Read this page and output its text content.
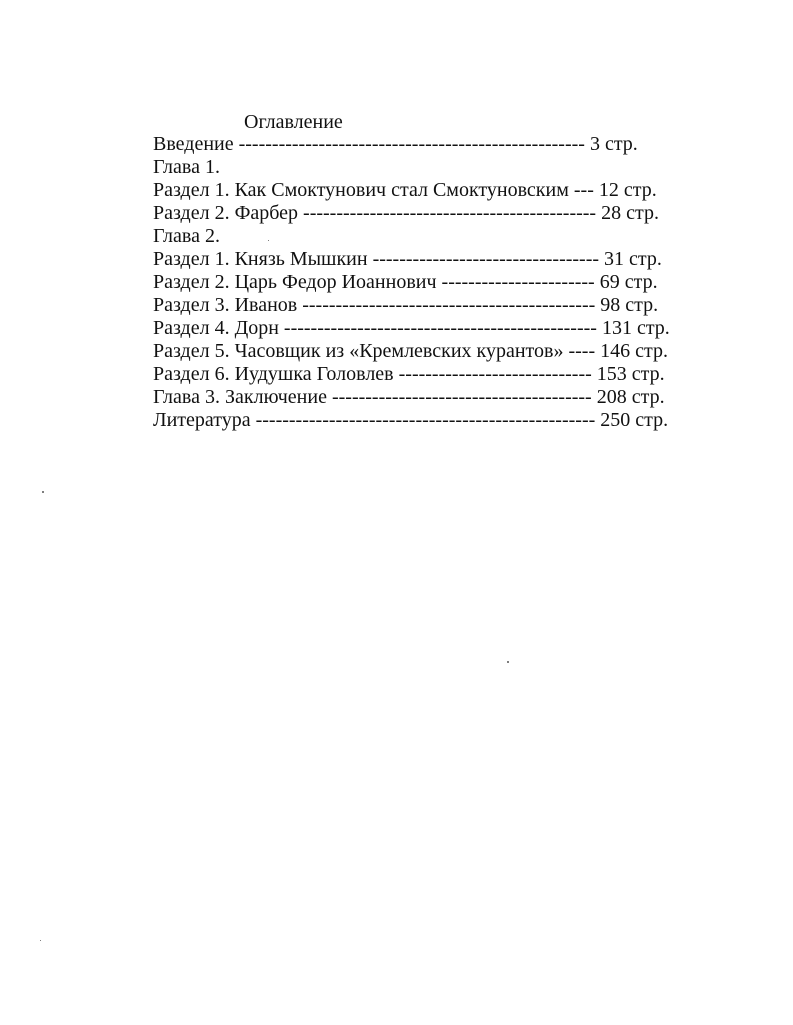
Оглавление
Введение ---------------------------------------------------- 3 стр.
Глава 1.
Раздел 1. Как Смоктунович стал Смоктуновским --- 12 стр.
Раздел 2. Фарбер -------------------------------------------- 28 стр.
Глава 2.
Раздел 1. Князь Мышкин ---------------------------------- 31 стр.
Раздел 2. Царь Федор Иоаннович ----------------------- 69 стр.
Раздел 3. Иванов -------------------------------------------- 98 стр.
Раздел 4. Дорн ----------------------------------------------- 131 стр.
Раздел 5. Часовщик из «Кремлевских курантов» ---- 146 стр.
Раздел 6. Иудушка Головлев ----------------------------- 153 стр.
Глава 3. Заключение --------------------------------------- 208 стр.
Литература --------------------------------------------------- 250 стр.
